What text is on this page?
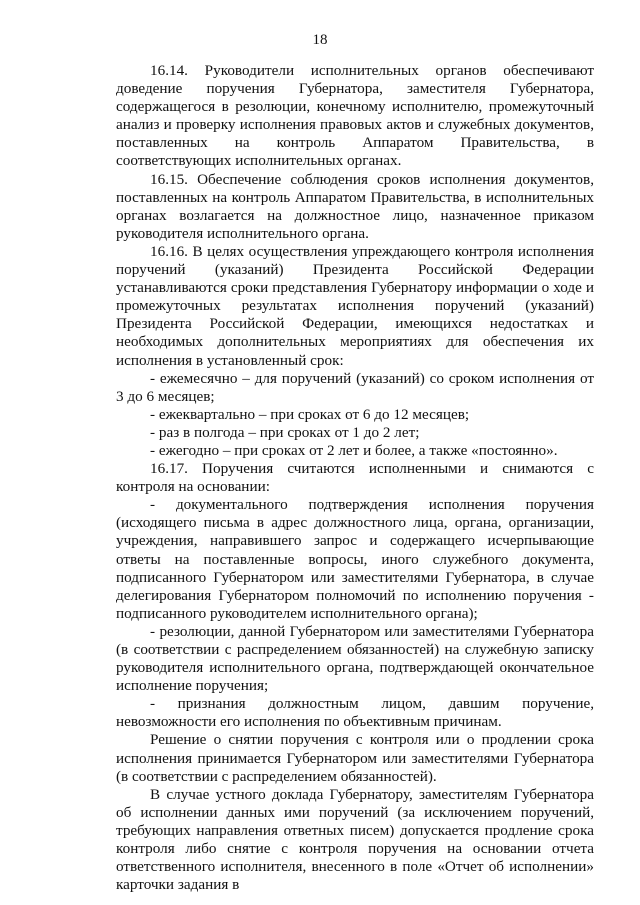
18

16.14. Руководители исполнительных органов обеспечивают доведение поручения Губернатора, заместителя Губернатора, содержащегося в резолюции, конечному исполнителю, промежуточный анализ и проверку исполнения правовых актов и служебных документов, поставленных на контроль Аппаратом Правительства, в соответствующих исполнительных органах.

16.15. Обеспечение соблюдения сроков исполнения документов, поставленных на контроль Аппаратом Правительства, в исполнительных органах возлагается на должностное лицо, назначенное приказом руководителя исполнительного органа.

16.16. В целях осуществления упреждающего контроля исполнения поручений (указаний) Президента Российской Федерации устанавливаются сроки представления Губернатору информации о ходе и промежуточных результатах исполнения поручений (указаний) Президента Российской Федерации, имеющихся недостатках и необходимых дополнительных мероприятиях для обеспечения их исполнения в установленный срок:

- ежемесячно – для поручений (указаний) со сроком исполнения от 3 до 6 месяцев;

- ежеквартально – при сроках от 6 до 12 месяцев;

- раз в полгода – при сроках от 1 до 2 лет;

- ежегодно – при сроках от 2 лет и более, а также «постоянно».

16.17. Поручения считаются исполненными и снимаются с контроля на основании:

- документального подтверждения исполнения поручения (исходящего письма в адрес должностного лица, органа, организации, учреждения, направившего запрос и содержащего исчерпывающие ответы на поставленные вопросы, иного служебного документа, подписанного Губернатором или заместителями Губернатора, в случае делегирования Губернатором полномочий по исполнению поручения - подписанного руководителем исполнительного органа);

- резолюции, данной Губернатором или заместителями Губернатора (в соответствии с распределением обязанностей) на служебную записку руководителя исполнительного органа, подтверждающей окончательное исполнение поручения;

- признания должностным лицом, давшим поручение, невозможности его исполнения по объективным причинам.

Решение о снятии поручения с контроля или о продлении срока исполнения принимается Губернатором или заместителями Губернатора (в соответствии с распределением обязанностей).

В случае устного доклада Губернатору, заместителям Губернатора об исполнении данных ими поручений (за исключением поручений, требующих направления ответных писем) допускается продление срока контроля либо снятие с контроля поручения на основании отчета ответственного исполнителя, внесенного в поле «Отчет об исполнении» карточки задания в
